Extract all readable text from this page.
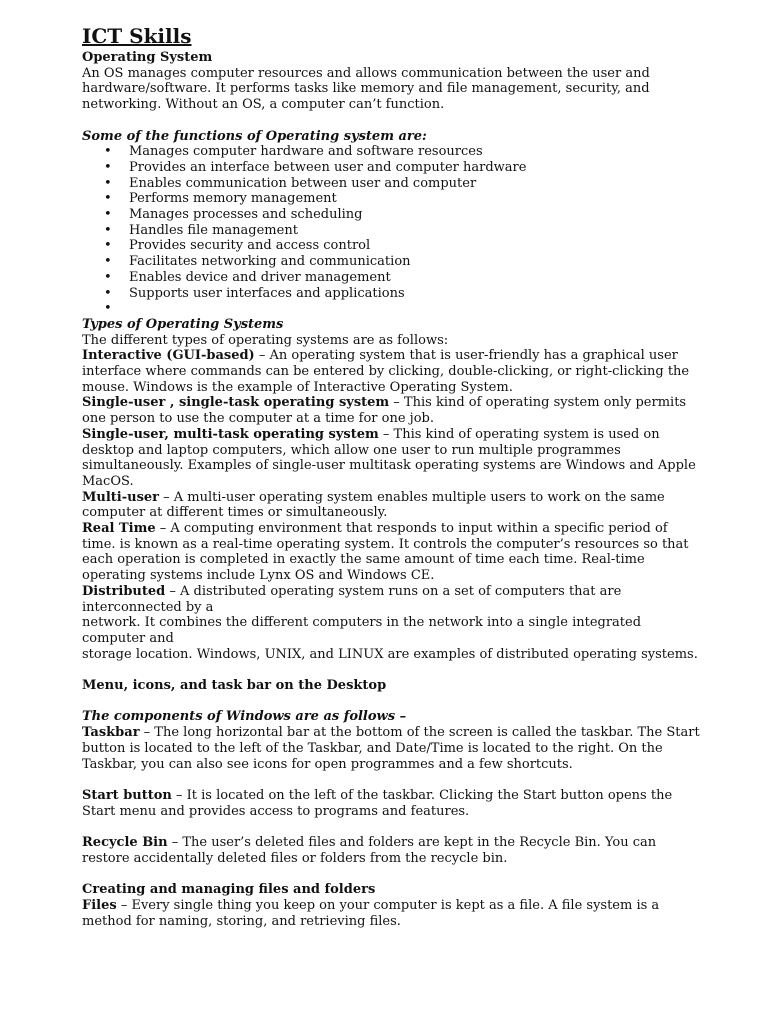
ICT Skills
Operating System
An OS manages computer resources and allows communication between the user and hardware/software. It performs tasks like memory and file management, security, and networking. Without an OS, a computer can’t function.
Some of the functions of Operating system are:
• Manages computer hardware and software resources
• Provides an interface between user and computer hardware
• Enables communication between user and computer
• Performs memory management
• Manages processes and scheduling
• Handles file management
• Provides security and access control
• Facilitates networking and communication
• Enables device and driver management
• Supports user interfaces and applications
•
Types of Operating Systems
The different types of operating systems are as follows:
Interactive (GUI-based) – An operating system that is user-friendly has a graphical user interface where commands can be entered by clicking, double-clicking, or right-clicking the mouse. Windows is the example of Interactive Operating System.
Single-user , single-task operating system – This kind of operating system only permits one person to use the computer at a time for one job.
Single-user, multi-task operating system – This kind of operating system is used on desktop and laptop computers, which allow one user to run multiple programmes simultaneously. Examples of single-user multitask operating systems are Windows and Apple MacOS.
Multi-user – A multi-user operating system enables multiple users to work on the same computer at different times or simultaneously.
Real Time – A computing environment that responds to input within a specific period of time. is known as a real-time operating system. It controls the computer’s resources so that each operation is completed in exactly the same amount of time each time. Real-time operating systems include Lynx OS and Windows CE.
Distributed – A distributed operating system runs on a set of computers that are interconnected by a
network. It combines the different computers in the network into a single integrated computer and
storage location. Windows, UNIX, and LINUX are examples of distributed operating systems.
Menu, icons, and task bar on the Desktop
The components of Windows are as follows –
Taskbar – The long horizontal bar at the bottom of the screen is called the taskbar. The Start button is located to the left of the Taskbar, and Date/Time is located to the right. On the Taskbar, you can also see icons for open programmes and a few shortcuts.
Start button – It is located on the left of the taskbar. Clicking the Start button opens the Start menu and provides access to programs and features.
Recycle Bin – The user’s deleted files and folders are kept in the Recycle Bin. You can restore accidentally deleted files or folders from the recycle bin.
Creating and managing files and folders
Files – Every single thing you keep on your computer is kept as a file. A file system is a method for naming, storing, and retrieving files.
